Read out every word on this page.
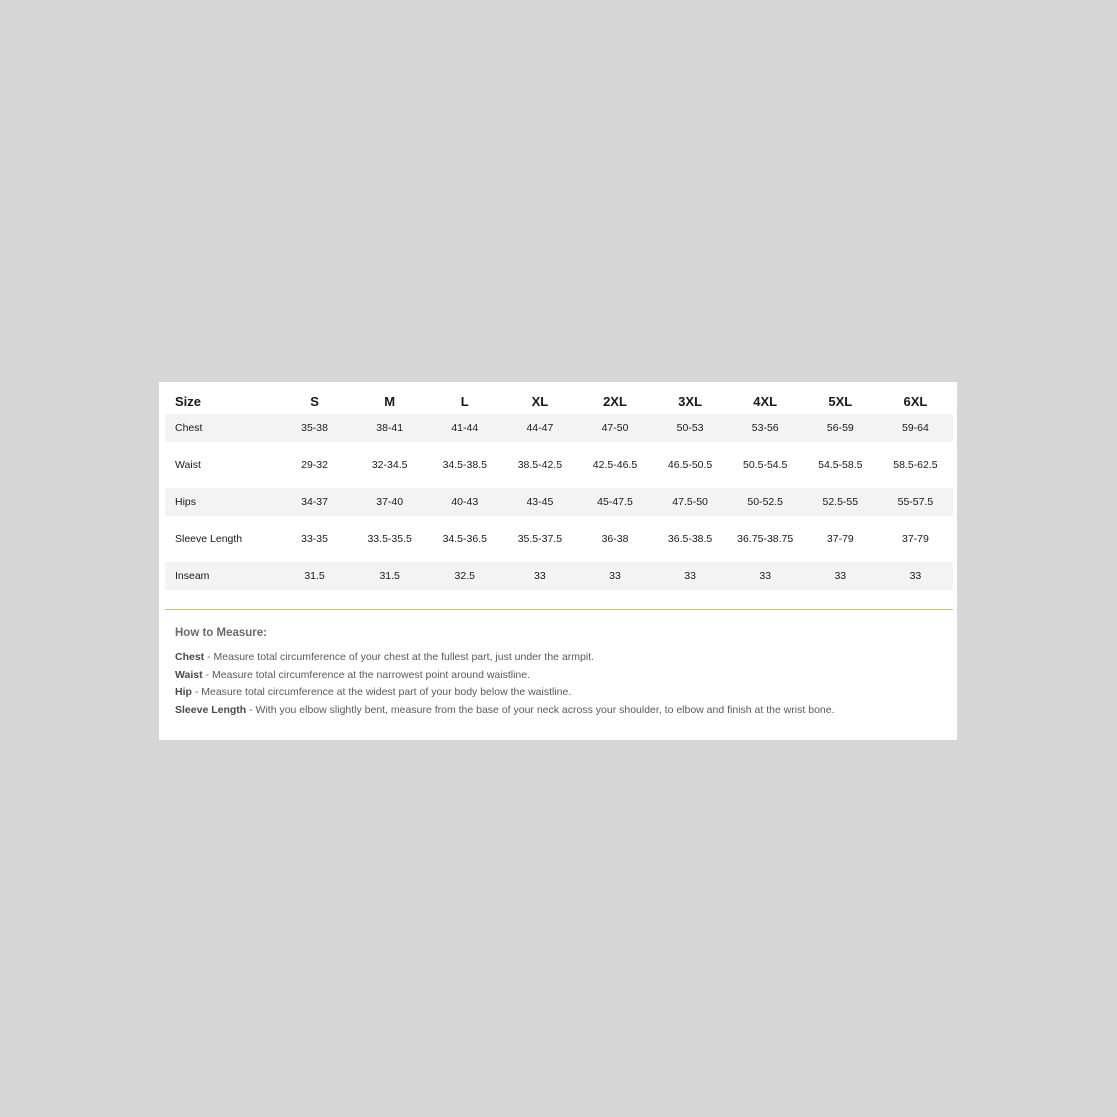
Size	S	M	L	XL	2XL	3XL	4XL	5XL	6XL
Chest	35-38	38-41	41-44	44-47	47-50	50-53	53-56	56-59	59-64

Waist	29-32	32-34.5	34.5-38.5	38.5-42.5	42.5-46.5	46.5-50.5	50.5-54.5	54.5-58.5	58.5-62.5

Hips	34-37	37-40	40-43	43-45	45-47.5	47.5-50	50-52.5	52.5-55	55-57.5

Sleeve Length	33-35	33.5-35.5	34.5-36.5	35.5-37.5	36-38	36.5-38.5	36.75-38.75	37-79	37-79

Inseam	31.5	31.5	32.5	33	33	33	33	33	33
How to Measure:
Chest - Measure total circumference of your chest at the fullest part, just under the armpit.
Waist - Measure total circumference at the narrowest point around waistline.
Hip - Measure total circumference at the widest part of your body below the waistline.
Sleeve Length - With you elbow slightly bent, measure from the base of your neck across your shoulder, to elbow and finish at the wrist bone.
